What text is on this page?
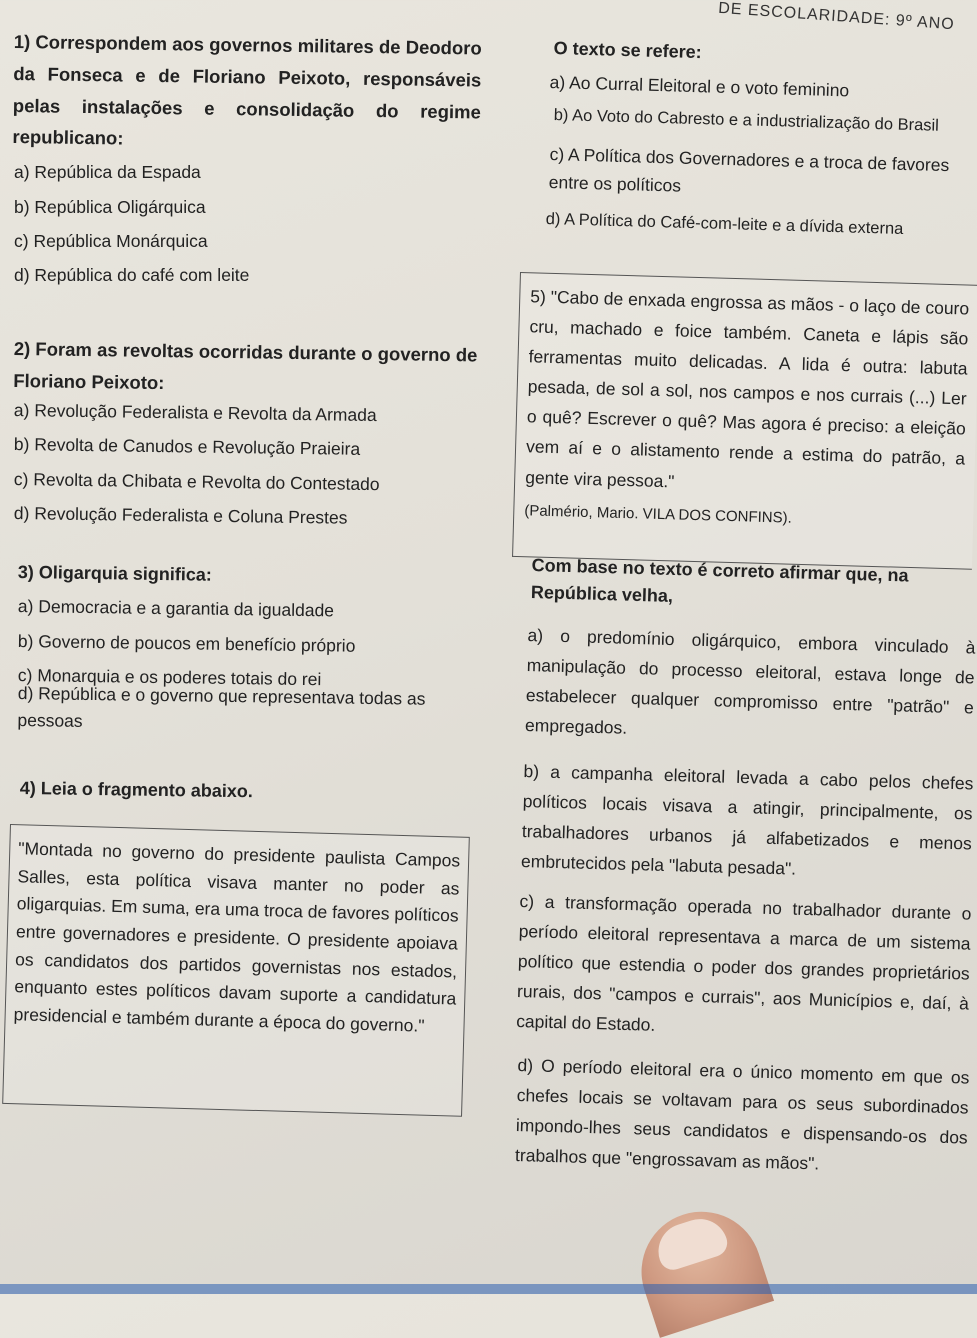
DE ESCOLARIDADE: 9º ANO
1) Correspondem aos governos militares de Deodoro da Fonseca e de Floriano Peixoto, responsáveis pelas instalações e consolidação do regime republicano:
a) República da Espada
b) República Oligárquica
c) República Monárquica
d) República do café com leite
2) Foram as revoltas ocorridas durante o governo de Floriano Peixoto:
a) Revolução Federalista e Revolta da Armada
b) Revolta de Canudos e Revolução Praieira
c) Revolta da Chibata e Revolta do Contestado
d) Revolução Federalista e Coluna Prestes
3) Oligarquia significa:
a) Democracia e a garantia da igualdade
b) Governo de poucos em benefício próprio
c) Monarquia e os poderes totais do rei
d) República e o governo que representava todas as pessoas
4) Leia o fragmento abaixo.
"Montada no governo do presidente paulista Campos Salles, esta política visava manter no poder as oligarquias. Em suma, era uma troca de favores políticos entre governadores e presidente. O presidente apoiava os candidatos dos partidos governistas nos estados, enquanto estes políticos davam suporte a candidatura presidencial e também durante a época do governo."
O texto se refere:
a) Ao Curral Eleitoral e o voto feminino
b) Ao Voto do Cabresto e a industrialização do Brasil
c) A Política dos Governadores e a troca de favores entre os políticos
d) A Política do Café-com-leite e a dívida externa
5) "Cabo de enxada engrossa as mãos - o laço de couro cru, machado e foice também. Caneta e lápis são ferramentas muito delicadas. A lida é outra: labuta pesada, de sol a sol, nos campos e nos currais (...) Ler o quê? Escrever o quê? Mas agora é preciso: a eleição vem aí e o alistamento rende a estima do patrão, a gente vira pessoa."
(Palmério, Mario. VILA DOS CONFINS).
Com base no texto é correto afirmar que, na República velha,
a) o predomínio oligárquico, embora vinculado à manipulação do processo eleitoral, estava longe de estabelecer qualquer compromisso entre "patrão" e empregados.
b) a campanha eleitoral levada a cabo pelos chefes políticos locais visava a atingir, principalmente, os trabalhadores urbanos já alfabetizados e menos embrutecidos pela "labuta pesada".
c) a transformação operada no trabalhador durante o período eleitoral representava a marca de um sistema político que estendia o poder dos grandes proprietários rurais, dos "campos e currais", aos Municípios e, daí, à capital do Estado.
d) O período eleitoral era o único momento em que os chefes locais se voltavam para os seus subordinados impondo-lhes seus candidatos e dispensando-os dos trabalhos que "engrossavam as mãos".
